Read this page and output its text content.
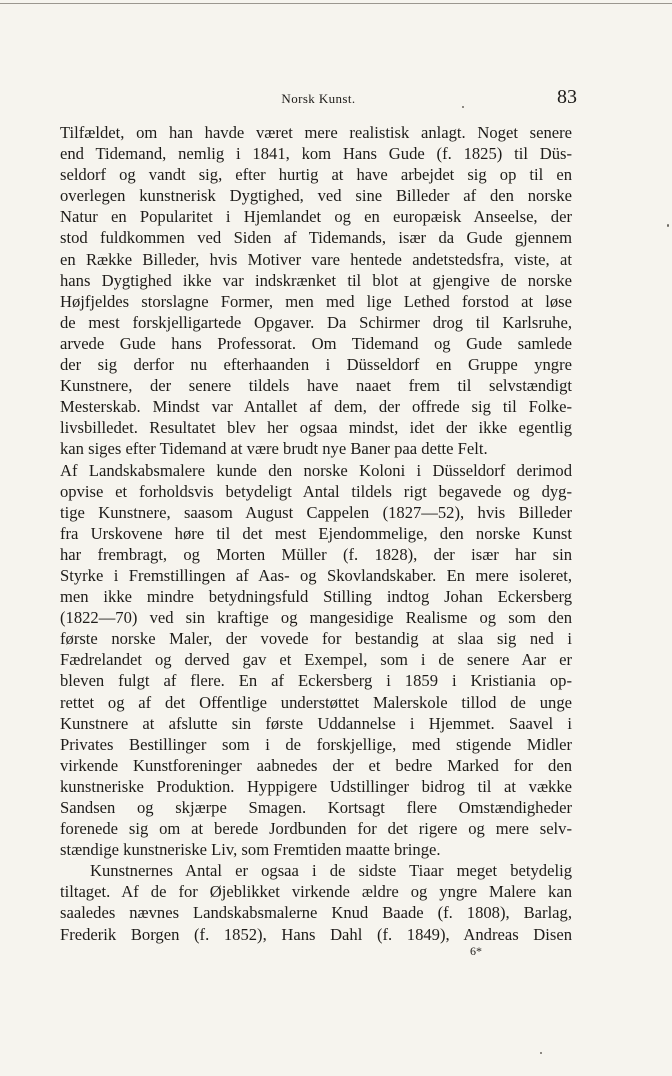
Norsk Kunst.	83
Tilfældet, om han havde været mere realistisk anlagt. Noget senere
end Tidemand, nemlig i 1841, kom Hans Gude (f. 1825) til Düs-
seldorf og vandt sig, efter hurtig at have arbejdet sig op til en
overlegen kunstnerisk Dygtighed, ved sine Billeder af den norske
Natur en Popularitet i Hjemlandet og en europæisk Anseelse, der
stod fuldkommen ved Siden af Tidemands, især da Gude gjennem
en Række Billeder, hvis Motiver vare hentede andetstedsfra, viste, at
hans Dygtighed ikke var indskrænket til blot at gjengive de norske
Højfjeldes storslagne Former, men med lige Lethed forstod at løse
de mest forskjelligartede Opgaver. Da Schirmer drog til Karlsruhe,
arvede Gude hans Professorat. Om Tidemand og Gude samlede
der sig derfor nu efterhaanden i Düsseldorf en Gruppe yngre
Kunstnere, der senere tildels have naaet frem til selvstændigt
Mesterskab. Mindst var Antallet af dem, der offrede sig til Folke-
livsbilledet. Resultatet blev her ogsaa mindst, idet der ikke egentlig
kan siges efter Tidemand at være brudt nye Baner paa dette Felt.
Af Landskabsmalere kunde den norske Koloni i Düsseldorf derimod
opvise et forholdsvis betydeligt Antal tildels rigt begavede og dyg-
tige Kunstnere, saasom August Cappelen (1827—52), hvis Billeder
fra Urskovene høre til det mest Ejendommelige, den norske Kunst
har frembragt, og Morten Müller (f. 1828), der især har sin
Styrke i Fremstillingen af Aas- og Skovlandskaber. En mere isoleret,
men ikke mindre betydningsfuld Stilling indtog Johan Eckersberg
(1822—70) ved sin kraftige og mangesidige Realisme og som den
første norske Maler, der vovede for bestandig at slaa sig ned i
Fædrelandet og derved gav et Exempel, som i de senere Aar er
bleven fulgt af flere. En af Eckersberg i 1859 i Kristiania op-
rettet og af det Offentlige understøttet Malerskole tillod de unge
Kunstnere at afslutte sin første Uddannelse i Hjemmet. Saavel i
Privates Bestillinger som i de forskjellige, med stigende Midler
virkende Kunstforeninger aabnedes der et bedre Marked for den
kunstneriske Produktion. Hyppigere Udstillinger bidrog til at vække
Sandsen og skjærpe Smagen. Kortsagt flere Omstændigheder
forenede sig om at berede Jordbunden for det rigere og mere selv-
stændige kunstneriske Liv, som Fremtiden maatte bringe.
Kunstnernes Antal er ogsaa i de sidste Tiaar meget betydelig
tiltaget. Af de for Øjeblikket virkende ældre og yngre Malere kan
saaledes nævnes Landskabsmalerne Knud Baade (f. 1808), Barlag,
Frederik Borgen (f. 1852), Hans Dahl (f. 1849), Andreas Disen
6*
